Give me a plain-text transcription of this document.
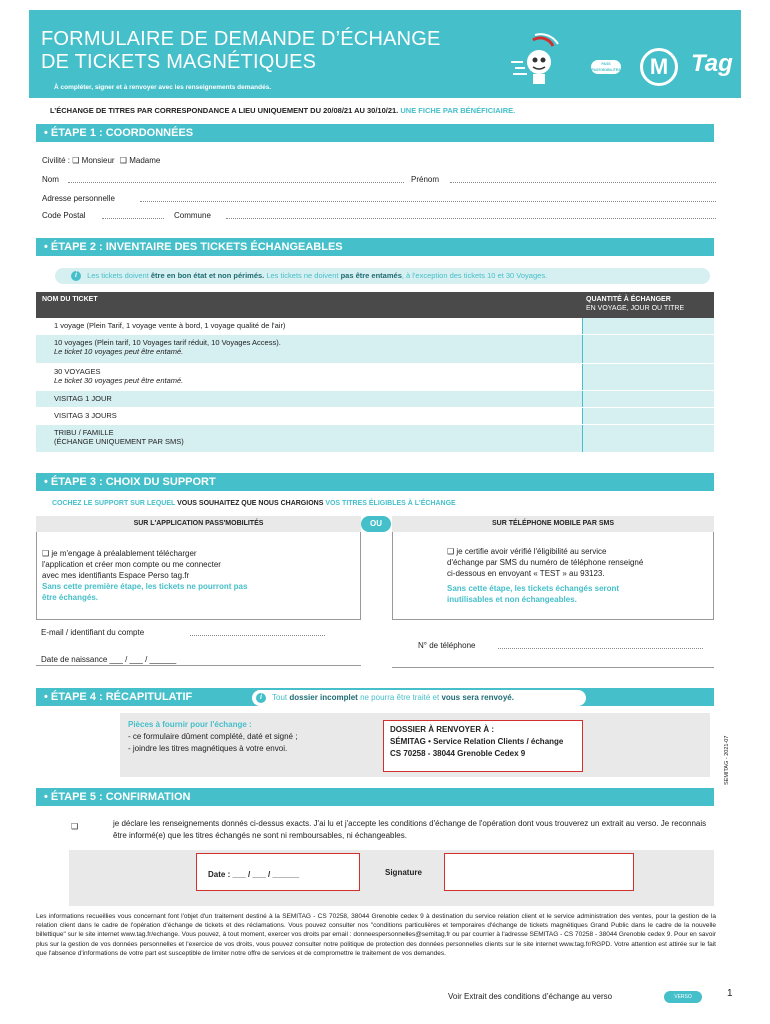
FORMULAIRE DE DEMANDE D’ÉCHANGE
DE TICKETS MAGNÉTIQUES
À compléter, signer et à renvoyer avec les renseignements demandés.
PASS PASS'MOBILITÉS	M Tag
L’ÉCHANGE DE TITRES PAR CORRESPONDANCE A LIEU UNIQUEMENT DU 20/08/21 AU 30/10/21. UNE FICHE PAR BÉNÉFICIAIRE.
• ÉTAPE 1 : COORDONNÉES
Civilité : ❑ Monsieur ❑ Madame
Nom	Prénom
Adresse personnelle
Code Postal	Commune
• ÉTAPE 2 : INVENTAIRE DES TICKETS ÉCHANGEABLES
i Les tickets doivent être en bon état et non périmés. Les tickets ne doivent pas être entamés, à l'exception des tickets 10 et 30 Voyages.
NOM DU TICKET	QUANTITÉ À ÉCHANGER
EN VOYAGE, JOUR OU TITRE
1 voyage (Plein Tarif, 1 voyage vente à bord, 1 voyage qualité de l'air)
10 voyages (Plein tarif, 10 Voyages tarif réduit, 10 Voyages Access).
Le ticket 10 voyages peut être entamé.
30 VOYAGES
Le ticket 30 voyages peut être entamé.
VISITAG 1 JOUR
VISITAG 3 JOURS
TRIBU / FAMILLE
(ÉCHANGE UNIQUEMENT PAR SMS)
• ÉTAPE 3 : CHOIX DU SUPPORT
COCHEZ LE SUPPORT SUR LEQUEL VOUS SOUHAITEZ QUE NOUS CHARGIONS VOS TITRES ÉLIGIBLES À L'ÉCHANGE
SUR L'APPLICATION PASS'MOBILITÉS	OU	SUR TÉLÉPHONE MOBILE PAR SMS
❑ je m'engage à préalablement télécharger
l'application et créer mon compte ou me connecter
avec mes identifiants Espace Perso tag.fr
Sans cette première étape, les tickets ne pourront pas
être échangés.
❑ je certifie avoir vérifié l'éligibilité au service
d'échange par SMS du numéro de téléphone renseigné
ci-dessous en envoyant « TEST » au 93123.
Sans cette étape, les tickets échangés seront
inutilisables et non échangeables.
E-mail / identifiant du compte
Date de naissance ___ / ___ / ______
N° de téléphone
• ÉTAPE 4 : RÉCAPITULATIF	i	Tout dossier incomplet ne pourra être traité et vous sera renvoyé.
Pièces à fournir pour l'échange :
- ce formulaire dûment complété, daté et signé ;
- joindre les titres magnétiques à votre envoi.
DOSSIER À RENVOYER À :
SÉMITAG • Service Relation Clients / échange
CS 70258 - 38044 Grenoble Cedex 9	SEMITAG - 2021-07
• ÉTAPE 5 : CONFIRMATION
❑	je déclare les renseignements donnés ci-dessus exacts. J'ai lu et j'accepte les conditions d'échange de l'opération dont vous trouverez un extrait au verso. Je reconnais être informé(e) que les titres échangés ne sont ni remboursables, ni échangeables.
Date : ___ / ___ / ______	Signature
Les informations recueillies vous concernant font l'objet d'un traitement destiné à la SEMITAG - CS 70258, 38044 Grenoble cedex 9 à destination du service relation client et le service administration des ventes, pour la gestion de la relation client dans le cadre de l'opération d'échange de tickets et des réclamations. Vous pouvez consulter nos "conditions particulières et temporaires d'échange de tickets magnétiques Grand Public dans le cadre de la nouvelle billettique" sur le site internet www.tag.fr/echange. Vous pouvez, à tout moment, exercer vos droits par email : donneespersonnelles@semitag.fr ou par courrier à l'adresse SEMITAG - CS 70258 - 38044 Grenoble cedex 9. Pour en savoir plus sur la gestion de vos données personnelles et l'exercice de vos droits, vous pouvez consulter notre politique de protection des données personnelles clients sur le site internet www.tag.fr/RGPD. Votre attention est attirée sur le fait que l'absence d'informations de votre part est susceptible de limiter notre offre de services et de compromettre le traitement de vos demandes.
Voir Extrait des conditions d’échange au verso	VERSO	1
